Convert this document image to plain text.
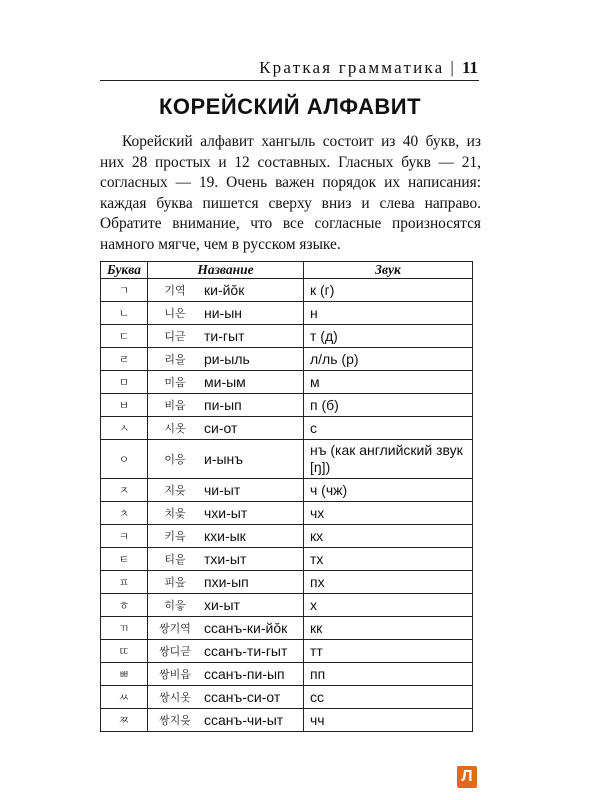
Краткая грамматика | 11
КОРЕЙСКИЙ АЛФАВИТ

Корейский алфавит хангыль состоит из 40 букв, из них 28 простых и 12 составных. Гласных букв — 21, согласных — 19. Очень важен порядок их написания: каждая буква пишется сверху вниз и слева направо. Обратите внимание, что все согласные произносятся намного мягче, чем в русском языке.

Буква	Название		Звук
ㄱ	기역	ки-йŏк	к (г)
ㄴ	니은	ни-ын	н
ㄷ	디귿	ти-гыт	т (д)
ㄹ	리을	ри-ыль	л/ль (р)
ㅁ	미음	ми-ым	м
ㅂ	비읍	пи-ып	п (б)
ㅅ	시옷	си-от	с
ㅇ	이응	и-ынъ	нъ (как английский звук [ŋ])
ㅈ	지읒	чи-ыт	ч (чж)
ㅊ	치읓	чхи-ыт	чх
ㅋ	키읔	кхи-ык	кх
ㅌ	티읕	тхи-ыт	тх
ㅍ	피읖	пхи-ып	пх
ㅎ	히읗	хи-ыт	х
ㄲ	쌍기역	ссанъ-ки-йŏк	кк
ㄸ	쌍디귿	ссанъ-ти-гыт	тт
ㅃ	쌍비읍	ссанъ-пи-ып	пп
ㅆ	쌍시옷	ссанъ-си-от	сс
ㅉ	쌍지읒	ссанъ-чи-ыт	чч
Л
